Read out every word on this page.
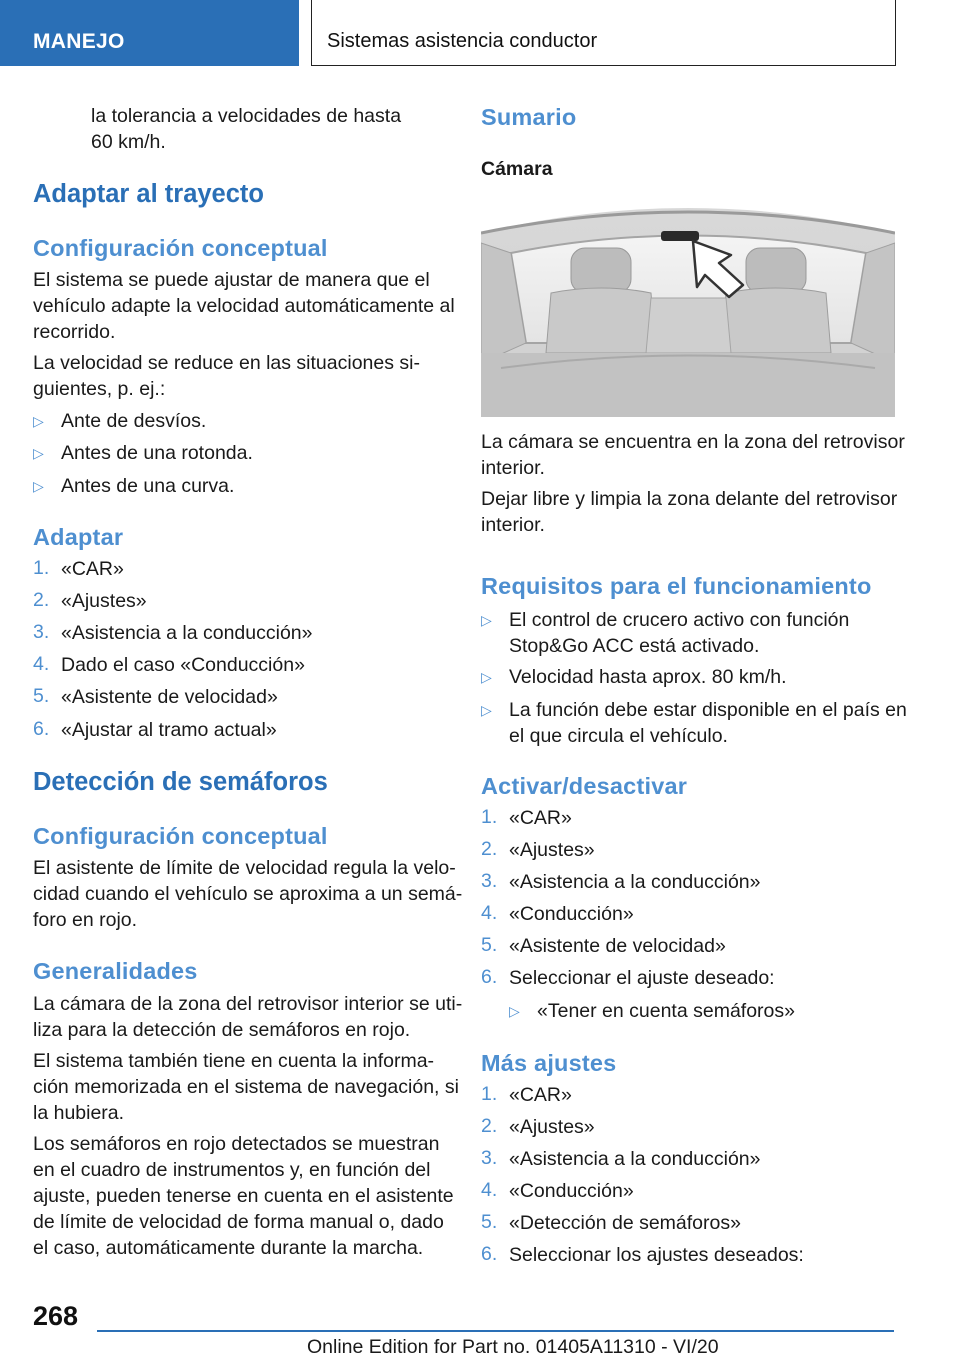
MANEJO	Sistemas asistencia conductor
la tolerancia a velocidades de hasta
60 km/h.
Adaptar al trayecto
Configuración conceptual
El sistema se puede ajustar de manera que el
vehículo adapte la velocidad automáticamente al
recorrido.
La velocidad se reduce en las situaciones si-
guientes, p. ej.:
▷ Ante de desvíos.
▷ Antes de una rotonda.
▷ Antes de una curva.
Adaptar
1. «CAR»
2. «Ajustes»
3. «Asistencia a la conducción»
4. Dado el caso «Conducción»
5. «Asistente de velocidad»
6. «Ajustar al tramo actual»
Detección de semáforos
Configuración conceptual
El asistente de límite de velocidad regula la velo-
cidad cuando el vehículo se aproxima a un semá-
foro en rojo.
Generalidades
La cámara de la zona del retrovisor interior se uti-
liza para la detección de semáforos en rojo.
El sistema también tiene en cuenta la informa-
ción memorizada en el sistema de navegación, si
la hubiera.
Los semáforos en rojo detectados se muestran
en el cuadro de instrumentos y, en función del
ajuste, pueden tenerse en cuenta en el asistente
de límite de velocidad de forma manual o, dado
el caso, automáticamente durante la marcha.
Sumario
Cámara
La cámara se encuentra en la zona del retrovisor
interior.
Dejar libre y limpia la zona delante del retrovisor
interior.
Requisitos para el funcionamiento
▷ El control de crucero activo con función
Stop&Go ACC está activado.
▷ Velocidad hasta aprox. 80 km/h.
▷ La función debe estar disponible en el país en
el que circula el vehículo.
Activar/desactivar
1. «CAR»
2. «Ajustes»
3. «Asistencia a la conducción»
4. «Conducción»
5. «Asistente de velocidad»
6. Seleccionar el ajuste deseado:
▷ «Tener en cuenta semáforos»
Más ajustes
1. «CAR»
2. «Ajustes»
3. «Asistencia a la conducción»
4. «Conducción»
5. «Detección de semáforos»
6. Seleccionar los ajustes deseados:
268
Online Edition for Part no. 01405A11310 - VI/20
